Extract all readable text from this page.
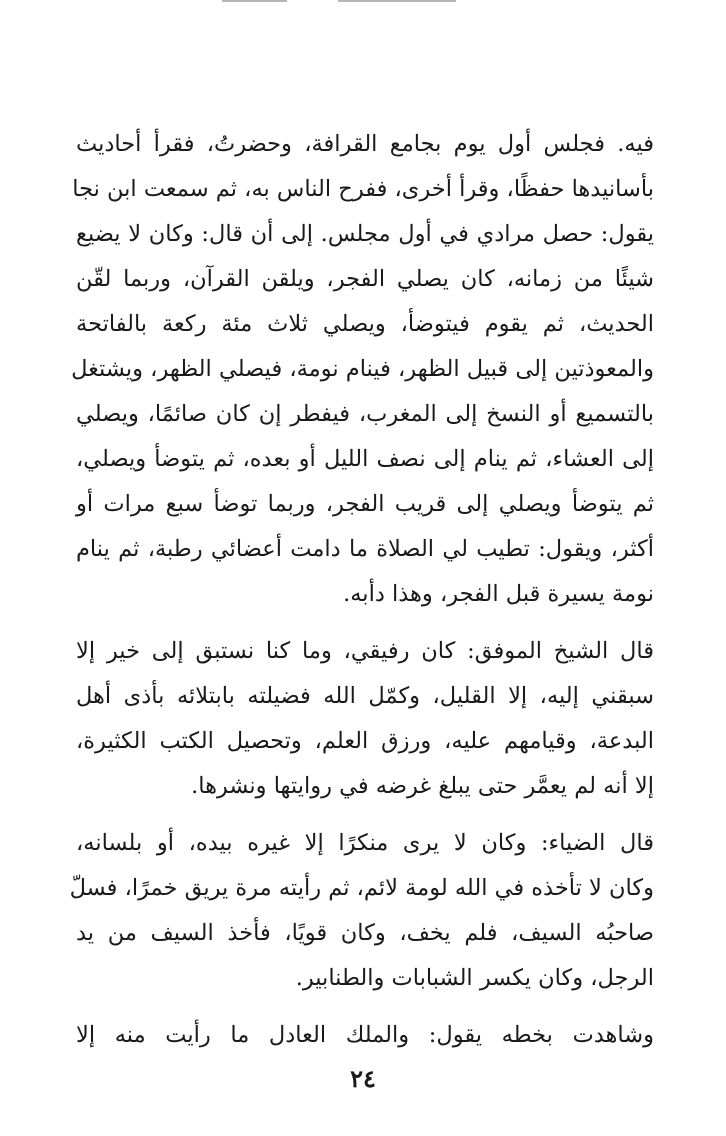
فيه. فجلس أول يوم بجامع القرافة، وحضرتُ، فقرأ أحاديث
بأسانيدها حفظًا، وقرأ أخرى، ففرح الناس به، ثم سمعت ابن نجا
يقول: حصل مرادي في أول مجلس. إلى أن قال: وكان لا يضيع
شيئًا من زمانه، كان يصلي الفجر، ويلقن القرآن، وربما لقّن
الحديث، ثم يقوم فيتوضأ، ويصلي ثلاث مئة ركعة بالفاتحة
والمعوذتين إلى قبيل الظهر، فينام نومة، فيصلي الظهر، ويشتغل
بالتسميع أو النسخ إلى المغرب، فيفطر إن كان صائمًا، ويصلي
إلى العشاء، ثم ينام إلى نصف الليل أو بعده، ثم يتوضأ ويصلي،
ثم يتوضأ ويصلي إلى قريب الفجر، وربما توضأ سبع مرات أو
أكثر، ويقول: تطيب لي الصلاة ما دامت أعضائي رطبة، ثم ينام
نومة يسيرة قبل الفجر، وهذا دأبه.
قال الشيخ الموفق: كان رفيقي، وما كنا نستبق إلى خير إلا
سبقني إليه، إلا القليل، وكمّل الله فضيلته بابتلائه بأذى أهل
البدعة، وقيامهم عليه، ورزق العلم، وتحصيل الكتب الكثيرة،
إلا أنه لم يعمَّر حتى يبلغ غرضه في روايتها ونشرها.
قال الضياء: وكان لا يرى منكرًا إلا غيره بيده، أو بلسانه،
وكان لا تأخذه في الله لومة لائم، ثم رأيته مرة يريق خمرًا، فسلّ
صاحبُه السيف، فلم يخف، وكان قويًا، فأخذ السيف من يد
الرجل، وكان يكسر الشبابات والطنابير.
وشاهدت بخطه يقول: والملك العادل ما رأيت منه إلا
٢٤
